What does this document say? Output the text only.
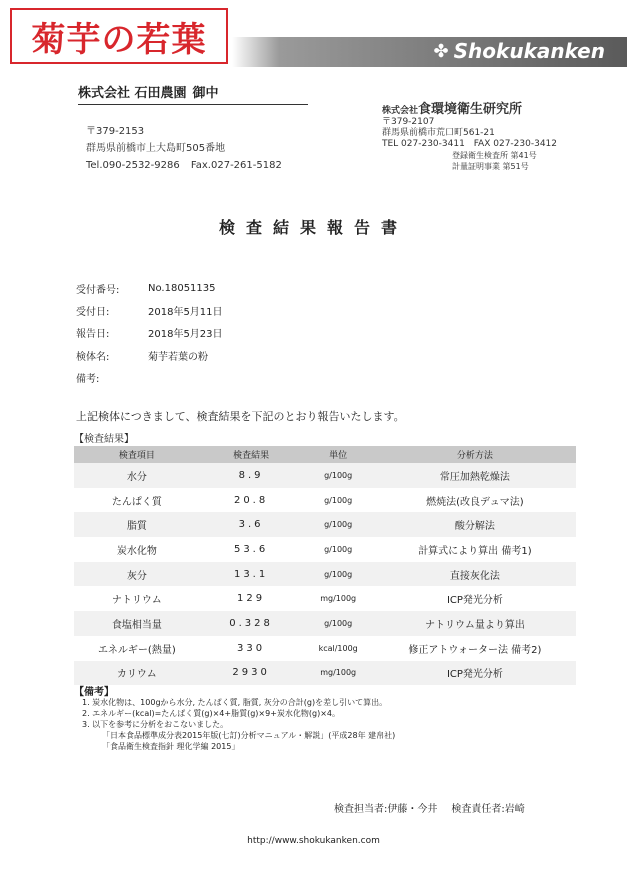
菊芋の若葉	✤ Shokukanken
株式会社 石田農園 御中
〒379-2153
群馬県前橋市上大島町505番地
Tel.090-2532-9286 Fax.027-261-5182
株式会社食環境衛生研究所
〒379-2107
群馬県前橋市荒口町561-21
TEL 027-230-3411 FAX 027-230-3412
登録衛生検査所 第41号
計量証明事業 第51号
検査結果報告書
受付番号:	No.18051135
受付日:	2018年5月11日
報告日:	2018年5月23日
検体名:	菊芋若葉の粉
備考:
上記検体につきまして、検査結果を下記のとおり報告いたします。
【検査結果】
検査項目	検査結果	単位	分析方法
水分	8.9	g/100g	常圧加熱乾燥法
たんぱく質	20.8	g/100g	燃焼法(改良デュマ法)
脂質	3.6	g/100g	酸分解法
炭水化物	53.6	g/100g	計算式により算出 備考1)
灰分	13.1	g/100g	直接灰化法
ナトリウム	129	mg/100g	ICP発光分析
食塩相当量	0.328	g/100g	ナトリウム量より算出
エネルギー(熱量)	330	kcal/100g	修正アトウォーター法 備考2)
カリウム	2930	mg/100g	ICP発光分析
【備考】
1. 炭水化物は、100gから水分, たんぱく質, 脂質, 灰分の合計(g)を差し引いて算出。
2. エネルギー(kcal)=たんぱく質(g)×4+脂質(g)×9+炭水化物(g)×4。
3. 以下を参考に分析をおこないました。
「日本食品標準成分表2015年版(七訂)分析マニュアル・解説」(平成28年 建帛社)
「食品衛生検査指針 理化学編 2015」
検査担当者:伊藤・今井 検査責任者:岩崎
http://www.shokukanken.com
